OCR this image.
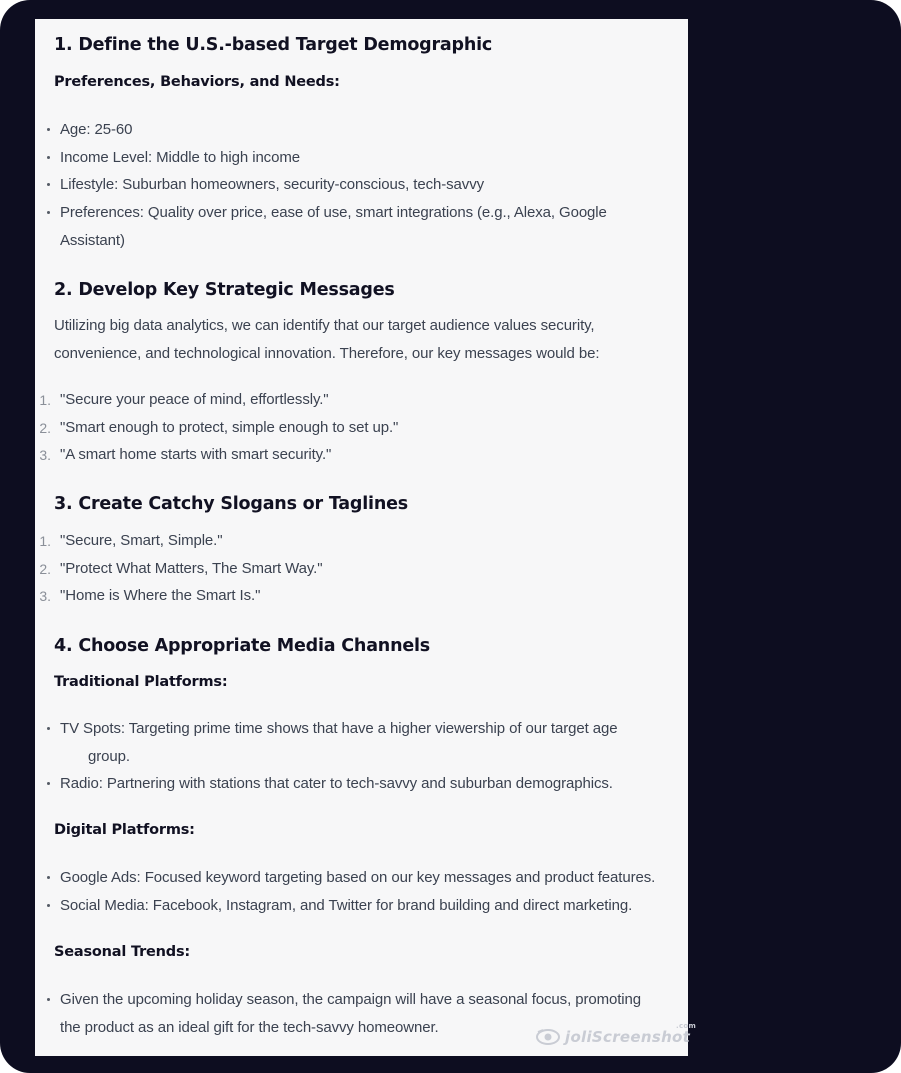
1. Define the U.S.-based Target Demographic
Preferences, Behaviors, and Needs:
Age: 25-60
Income Level: Middle to high income
Lifestyle: Suburban homeowners, security-conscious, tech-savvy
Preferences: Quality over price, ease of use, smart integrations (e.g., Alexa, Google
Assistant)
2. Develop Key Strategic Messages
Utilizing big data analytics, we can identify that our target audience values security,
convenience, and technological innovation. Therefore, our key messages would be:
1. "Secure your peace of mind, effortlessly."
2. "Smart enough to protect, simple enough to set up."
3. "A smart home starts with smart security."
3. Create Catchy Slogans or Taglines
1. "Secure, Smart, Simple."
2. "Protect What Matters, The Smart Way."
3. "Home is Where the Smart Is."
4. Choose Appropriate Media Channels
Traditional Platforms:
TV Spots: Targeting prime time shows that have a higher viewership of our target age
group.
Radio: Partnering with stations that cater to tech-savvy and suburban demographics.
Digital Platforms:
Google Ads: Focused keyword targeting based on our key messages and product features.
Social Media: Facebook, Instagram, and Twitter for brand building and direct marketing.
Seasonal Trends:
Given the upcoming holiday season, the campaign will have a seasonal focus, promoting
the product as an ideal gift for the tech-savvy homeowner.
joliScreenshot
.com
